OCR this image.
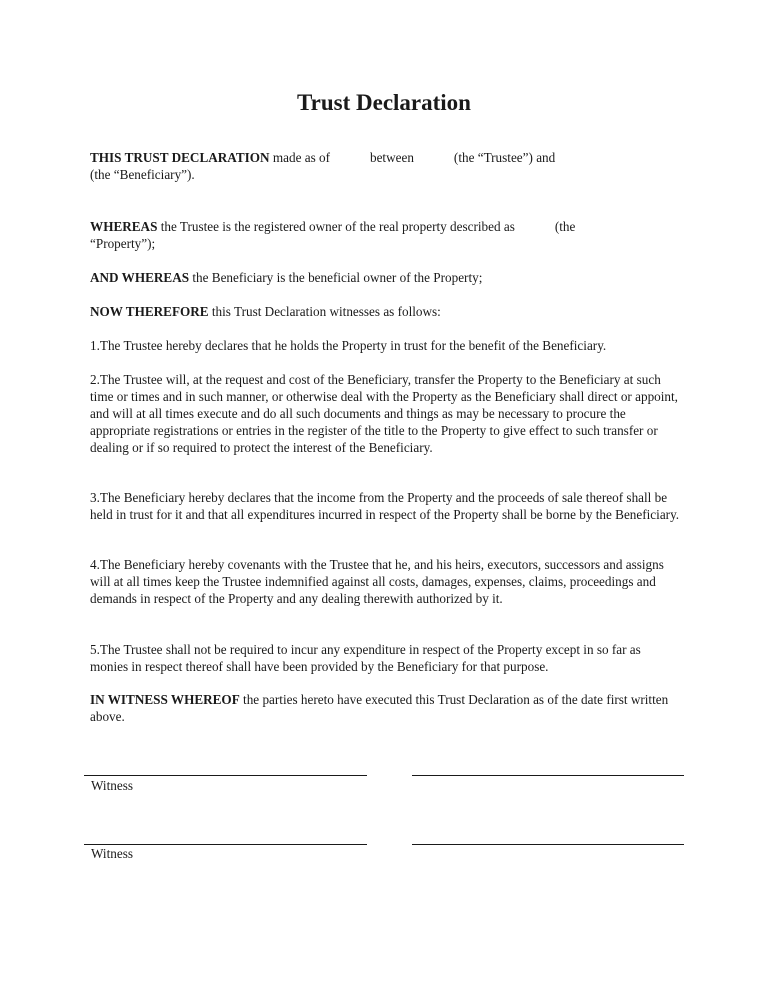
Trust Declaration

THIS TRUST DECLARATION made as of	between	(the “Trustee”) and
(the “Beneficiary”).

WHEREAS the Trustee is the registered owner of the real property described as	(the
“Property”);

AND WHEREAS the Beneficiary is the beneficial owner of the Property;

NOW THEREFORE this Trust Declaration witnesses as follows:

1.The Trustee hereby declares that he holds the Property in trust for the benefit of the Beneficiary.

2.The Trustee will, at the request and cost of the Beneficiary, transfer the Property to the Beneficiary at such time or times and in such manner, or otherwise deal with the Property as the Beneficiary shall direct or appoint, and will at all times execute and do all such documents and things as may be necessary to procure the appropriate registrations or entries in the register of the title to the Property to give effect to such transfer or dealing or if so required to protect the interest of the Beneficiary.

3.The Beneficiary hereby declares that the income from the Property and the proceeds of sale thereof shall be held in trust for it and that all expenditures incurred in respect of the Property shall be borne by the Beneficiary.

4.The Beneficiary hereby covenants with the Trustee that he, and his heirs, executors, successors and assigns will at all times keep the Trustee indemnified against all costs, damages, expenses, claims, proceedings and demands in respect of the Property and any dealing therewith authorized by it.

5.The Trustee shall not be required to incur any expenditure in respect of the Property except in so far as monies in respect thereof shall have been provided by the Beneficiary for that purpose.

IN WITNESS WHEREOF the parties hereto have executed this Trust Declaration as of the date first written above.

Witness
Witness
